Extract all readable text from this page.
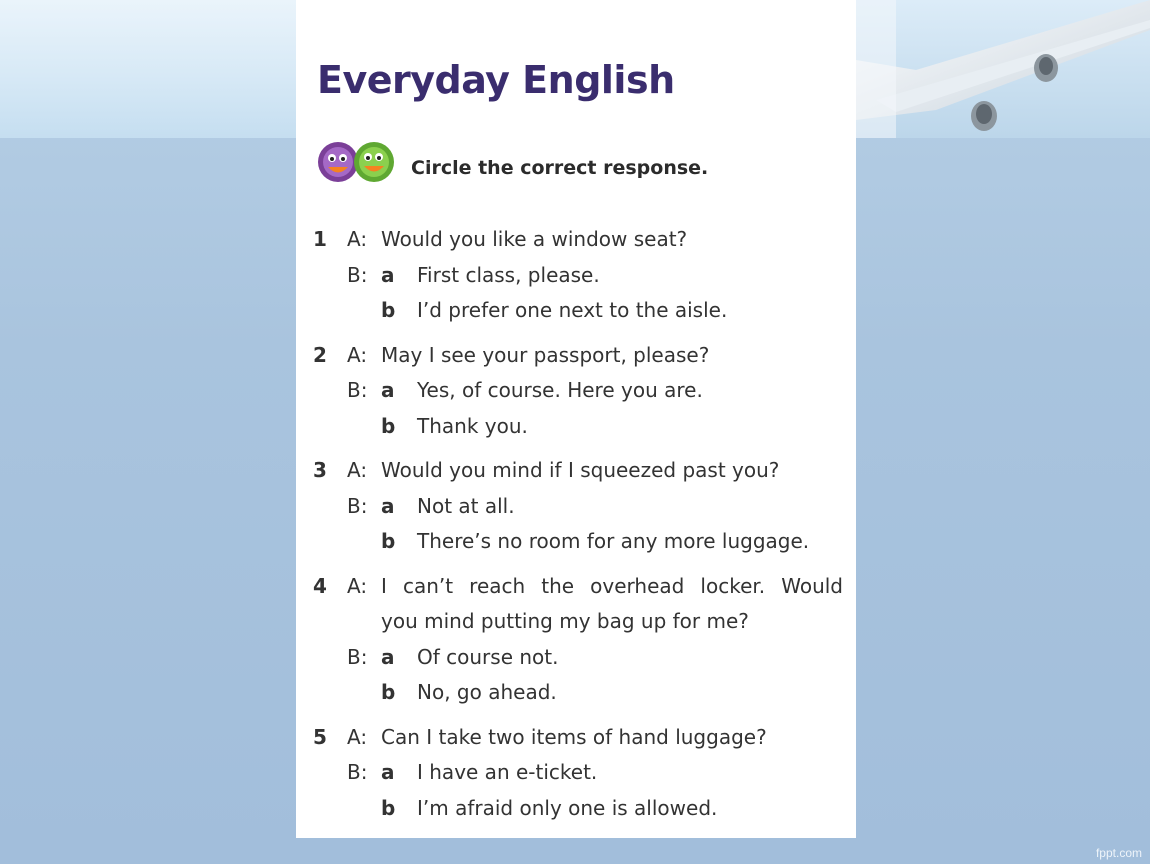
Everyday English
Circle the correct response.
1	A: Would you like a window seat?
B: a	First class, please.
b	I’d prefer one next to the aisle.
2	A: May I see your passport, please?
B: a	Yes, of course. Here you are.
b	Thank you.
3	A: Would you mind if I squeezed past you?
B: a	Not at all.
b	There’s no room for any more luggage.
4	A: I can’t reach the overhead locker. Would
you mind putting my bag up for me?
B: a	Of course not.
b	No, go ahead.
5	A: Can I take two items of hand luggage?
B: a	I have an e-ticket.
b	I’m afraid only one is allowed.
fppt.com
